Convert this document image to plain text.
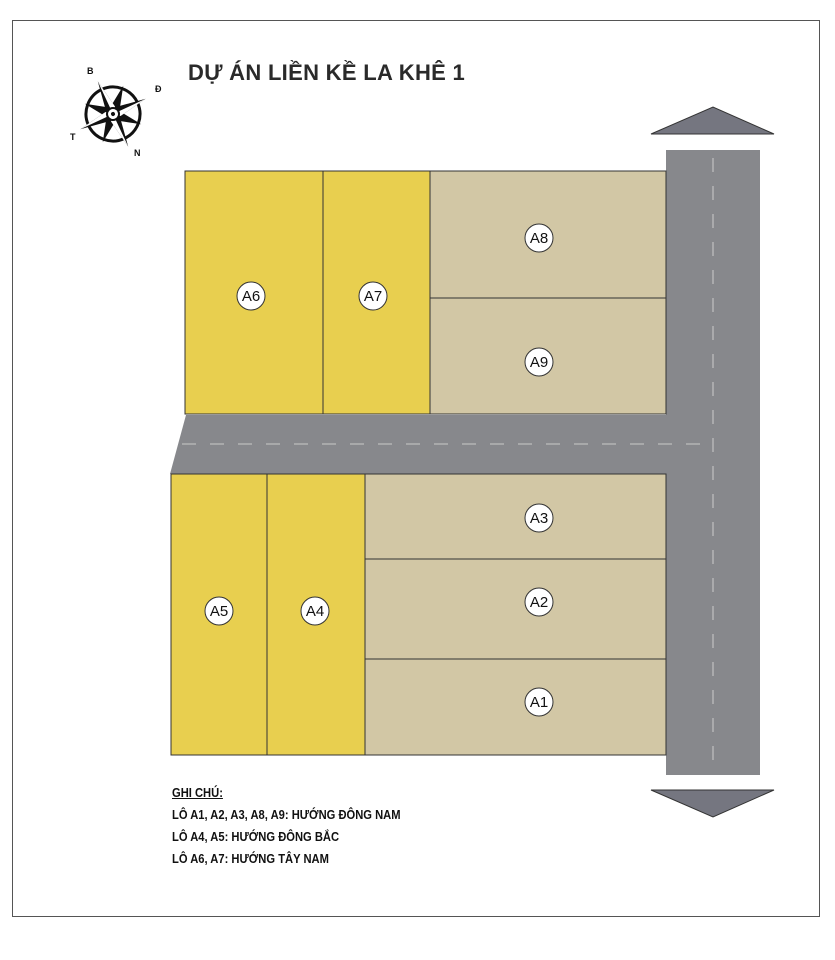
DỰ ÁN LIỀN KỀ LA KHÊ 1
B
Đ
N
T
A6	A7
A8
A9
A5	A4
A3
A2
A1
GHI CHÚ:
LÔ A1, A2, A3, A8, A9: HƯỚNG ĐÔNG NAM
LÔ A4, A5: HƯỚNG ĐÔNG BẮC
LÔ A6, A7: HƯỚNG TÂY NAM
